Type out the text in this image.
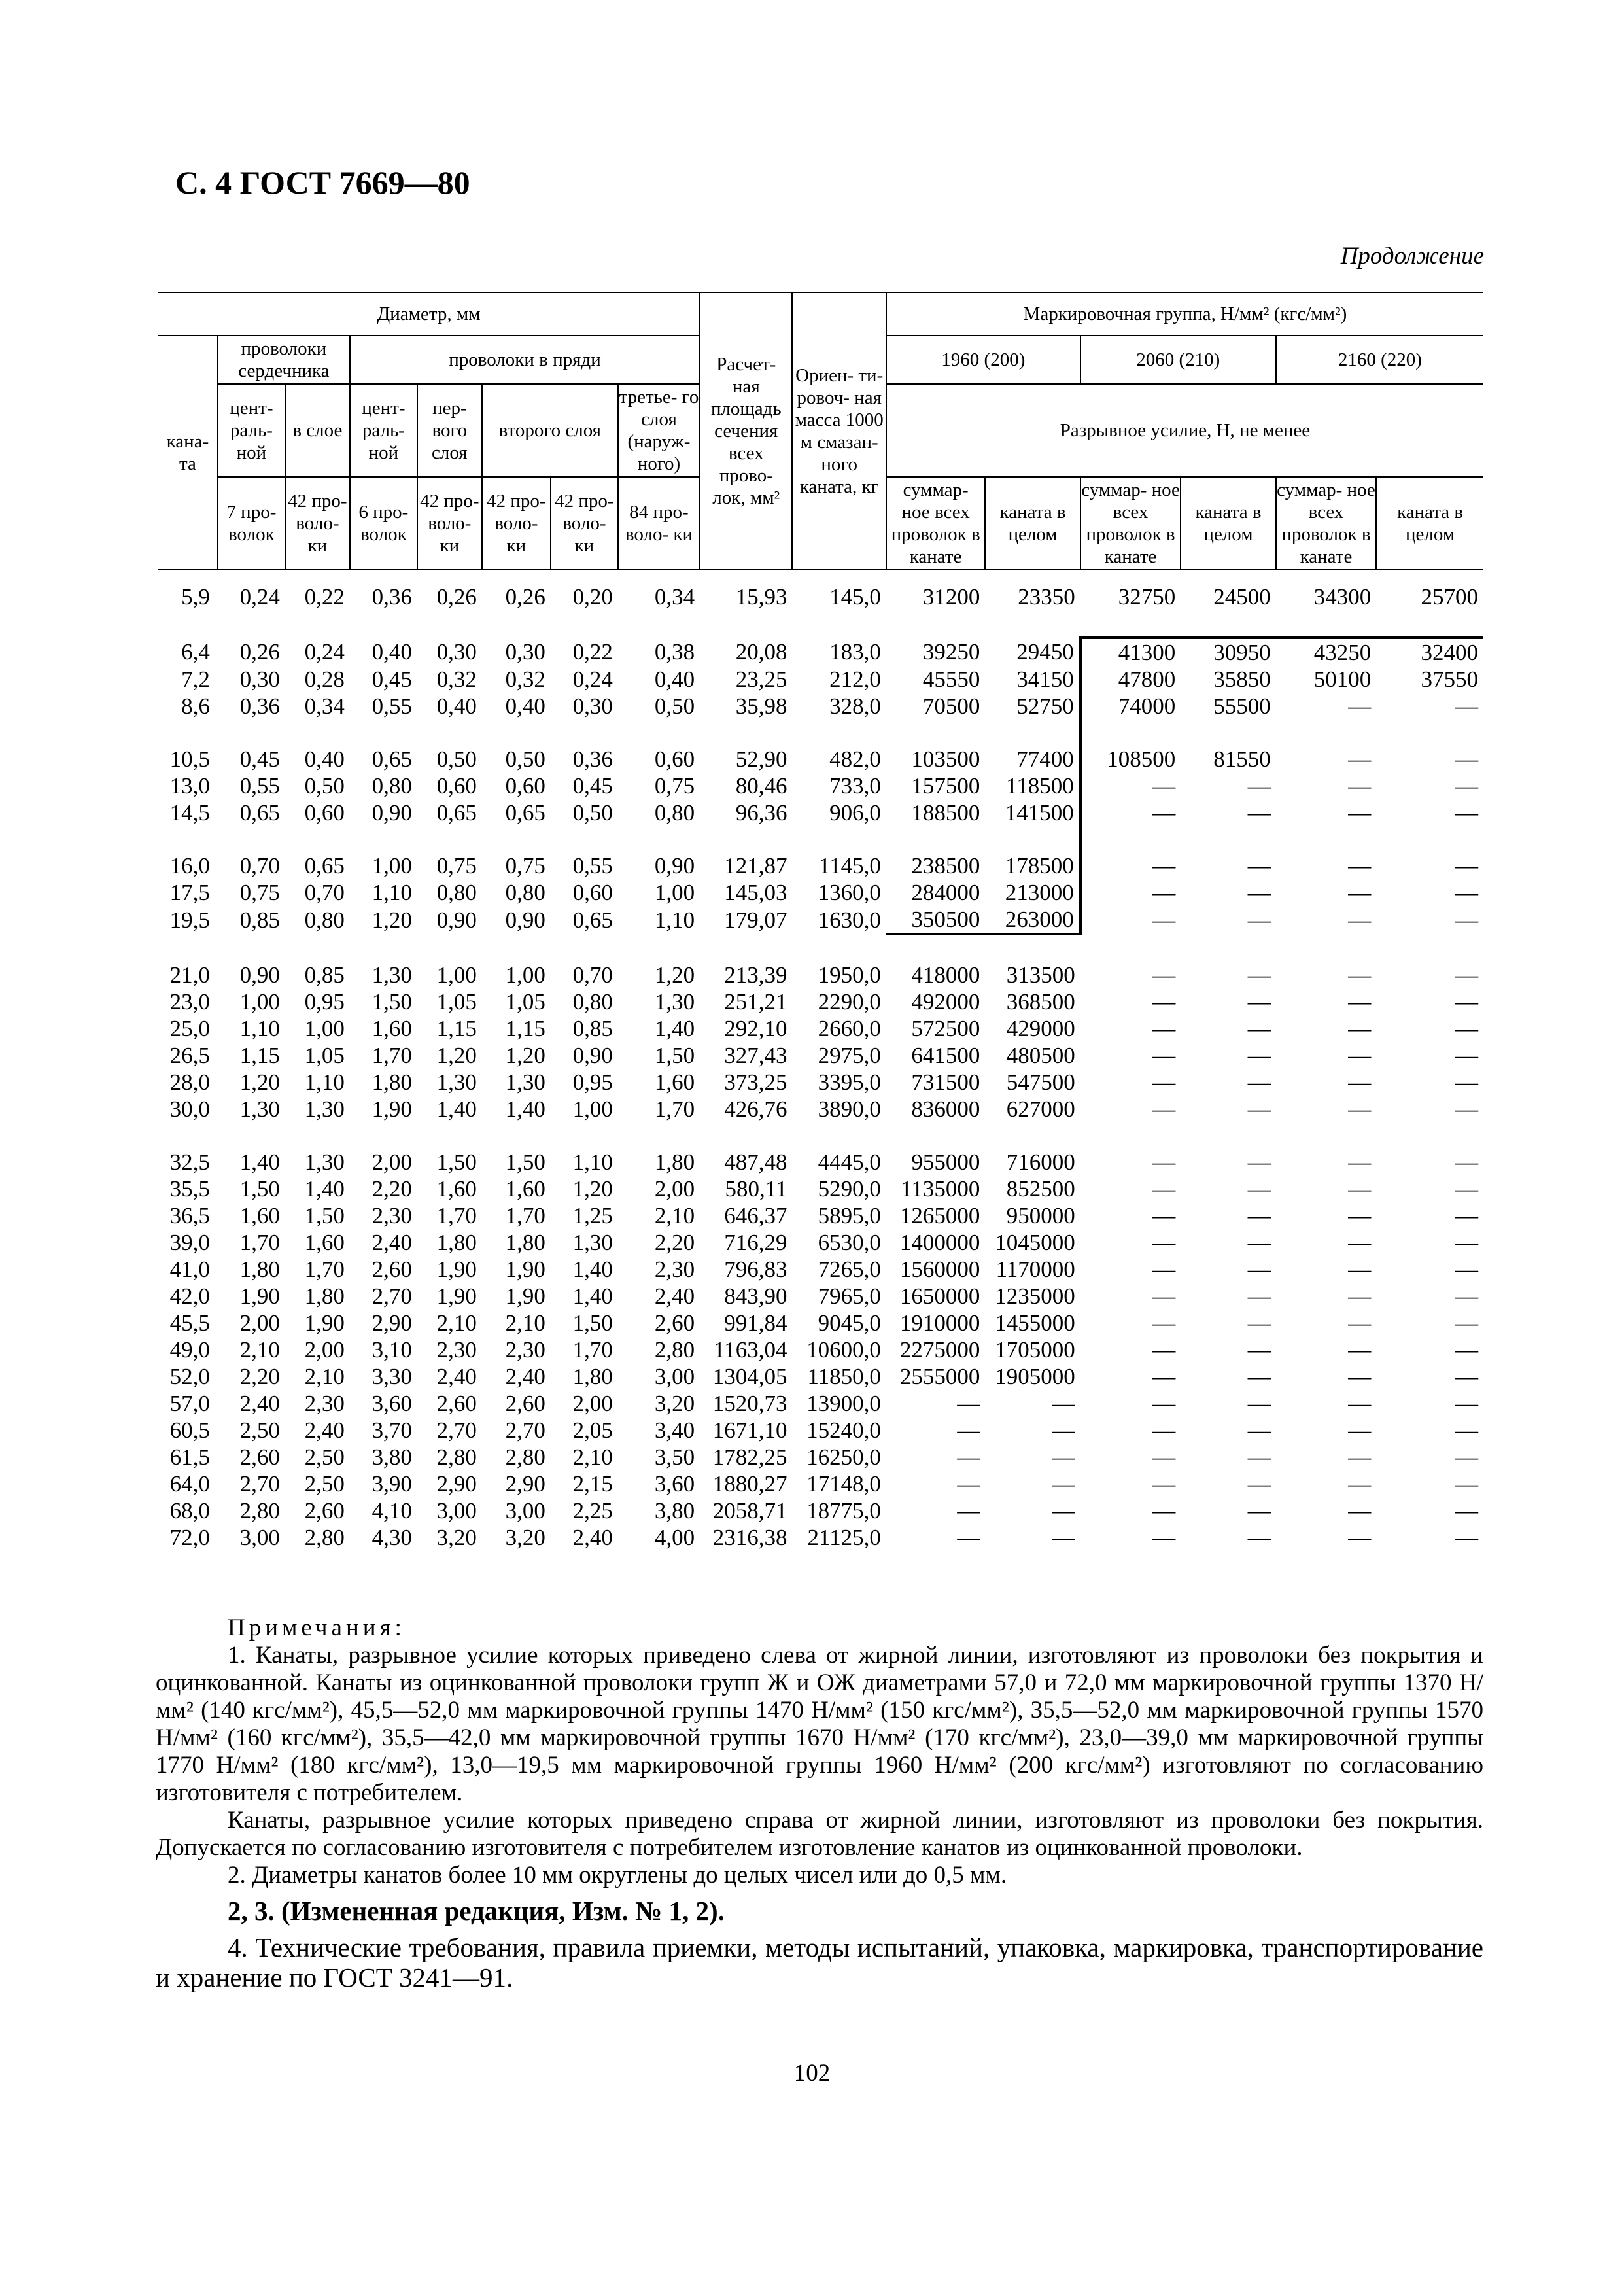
С. 4 ГОСТ 7669—80
Продолжение
Диаметр, мм								Расчет- ная площадь сечения всех прово- лок, мм²	Ориен- ти- ровоч- ная масса 1000 м смазан- ного каната, кг	Маркировочная группа, Н/мм² (кгс/мм²)					
кана- та	проволоки сердечника		проволоки в пряди							1960 (200)		2060 (210)		2160 (220)	
	цент- раль- ной	в слое	цент- раль- ной	пер- вого слоя	второго слоя		третье- го слоя (наруж- ного)			Разрывное усилие, Н, не менее					
	7 про- волок	42 про- воло- ки	6 про- волок	42 про- воло- ки	42 про- воло- ки	42 про- воло- ки	84 про- воло- ки			суммар- ное всех проволок в канате	каната в целом	суммар- ное всех проволок в канате	каната в целом	суммар- ное всех проволок в канате	каната в целом
5,9	0,24	0,22	0,36	0,26	0,26	0,20	0,34	15,93	145,0	31200	23350	32750	24500	34300	25700

6,4	0,26	0,24	0,40	0,30	0,30	0,22	0,38	20,08	183,0	39250	29450	41300	30950	43250	32400
7,2	0,30	0,28	0,45	0,32	0,32	0,24	0,40	23,25	212,0	45550	34150	47800	35850	50100	37550
8,6	0,36	0,34	0,55	0,40	0,40	0,30	0,50	35,98	328,0	70500	52750	74000	55500	—	—

10,5	0,45	0,40	0,65	0,50	0,50	0,36	0,60	52,90	482,0	103500	77400	108500	81550	—	—
13,0	0,55	0,50	0,80	0,60	0,60	0,45	0,75	80,46	733,0	157500	118500	—	—	—	—
14,5	0,65	0,60	0,90	0,65	0,65	0,50	0,80	96,36	906,0	188500	141500	—	—	—	—

16,0	0,70	0,65	1,00	0,75	0,75	0,55	0,90	121,87	1145,0	238500	178500	—	—	—	—
17,5	0,75	0,70	1,10	0,80	0,80	0,60	1,00	145,03	1360,0	284000	213000	—	—	—	—
19,5	0,85	0,80	1,20	0,90	0,90	0,65	1,10	179,07	1630,0	350500	263000	—	—	—	—

21,0	0,90	0,85	1,30	1,00	1,00	0,70	1,20	213,39	1950,0	418000	313500	—	—	—	—
23,0	1,00	0,95	1,50	1,05	1,05	0,80	1,30	251,21	2290,0	492000	368500	—	—	—	—
25,0	1,10	1,00	1,60	1,15	1,15	0,85	1,40	292,10	2660,0	572500	429000	—	—	—	—
26,5	1,15	1,05	1,70	1,20	1,20	0,90	1,50	327,43	2975,0	641500	480500	—	—	—	—
28,0	1,20	1,10	1,80	1,30	1,30	0,95	1,60	373,25	3395,0	731500	547500	—	—	—	—
30,0	1,30	1,30	1,90	1,40	1,40	1,00	1,70	426,76	3890,0	836000	627000	—	—	—	—

32,5	1,40	1,30	2,00	1,50	1,50	1,10	1,80	487,48	4445,0	955000	716000	—	—	—	—
35,5	1,50	1,40	2,20	1,60	1,60	1,20	2,00	580,11	5290,0	1135000	852500	—	—	—	—
36,5	1,60	1,50	2,30	1,70	1,70	1,25	2,10	646,37	5895,0	1265000	950000	—	—	—	—
39,0	1,70	1,60	2,40	1,80	1,80	1,30	2,20	716,29	6530,0	1400000	1045000	—	—	—	—
41,0	1,80	1,70	2,60	1,90	1,90	1,40	2,30	796,83	7265,0	1560000	1170000	—	—	—	—
42,0	1,90	1,80	2,70	1,90	1,90	1,40	2,40	843,90	7965,0	1650000	1235000	—	—	—	—
45,5	2,00	1,90	2,90	2,10	2,10	1,50	2,60	991,84	9045,0	1910000	1455000	—	—	—	—
49,0	2,10	2,00	3,10	2,30	2,30	1,70	2,80	1163,04	10600,0	2275000	1705000	—	—	—	—
52,0	2,20	2,10	3,30	2,40	2,40	1,80	3,00	1304,05	11850,0	2555000	1905000	—	—	—	—
57,0	2,40	2,30	3,60	2,60	2,60	2,00	3,20	1520,73	13900,0	—	—	—	—	—	—
60,5	2,50	2,40	3,70	2,70	2,70	2,05	3,40	1671,10	15240,0	—	—	—	—	—	—
61,5	2,60	2,50	3,80	2,80	2,80	2,10	3,50	1782,25	16250,0	—	—	—	—	—	—
64,0	2,70	2,50	3,90	2,90	2,90	2,15	3,60	1880,27	17148,0	—	—	—	—	—	—
68,0	2,80	2,60	4,10	3,00	3,00	2,25	3,80	2058,71	18775,0	—	—	—	—	—	—
72,0	3,00	2,80	4,30	3,20	3,20	2,40	4,00	2316,38	21125,0	—	—	—	—	—	—

Примечания:

1. Канаты, разрывное усилие которых приведено слева от жирной линии, изготовляют из проволоки без покрытия и оцинкованной. Канаты из оцинкованной проволоки групп Ж и ОЖ диаметрами 57,0 и 72,0 мм маркировочной группы 1370 Н/мм² (140 кгс/мм²), 45,5—52,0 мм маркировочной группы 1470 Н/мм² (150 кгс/мм²), 35,5—52,0 мм маркировочной группы 1570 Н/мм² (160 кгс/мм²), 35,5—42,0 мм маркировочной группы 1670 Н/мм² (170 кгс/мм²), 23,0—39,0 мм маркировочной группы 1770 Н/мм² (180 кгс/мм²), 13,0—19,5 мм маркировочной группы 1960 Н/мм² (200 кгс/мм²) изготовляют по согласованию изготовителя с потребителем.

Канаты, разрывное усилие которых приведено справа от жирной линии, изготовляют из проволоки без покрытия. Допускается по согласованию изготовителя с потребителем изготовление канатов из оцинкованной проволоки.

2. Диаметры канатов более 10 мм округлены до целых чисел или до 0,5 мм.

2, 3. (Измененная редакция, Изм. № 1, 2).

4. Технические требования, правила приемки, методы испытаний, упаковка, маркировка, транспортирование и хранение по ГОСТ 3241—91.

102
